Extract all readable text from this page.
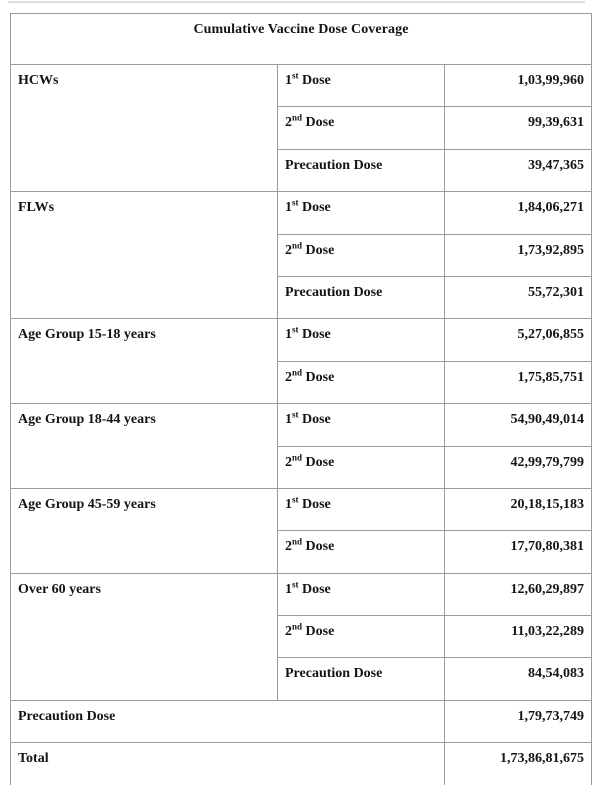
Cumulative Vaccine Dose Coverage		
HCWs	1st Dose	1,03,99,960
	2nd Dose	99,39,631
	Precaution Dose	39,47,365
FLWs	1st Dose	1,84,06,271
	2nd Dose	1,73,92,895
	Precaution Dose	55,72,301
Age Group 15-18 years	1st Dose	5,27,06,855
	2nd Dose	1,75,85,751
Age Group 18-44 years	1st Dose	54,90,49,014
	2nd Dose	42,99,79,799
Age Group 45-59 years	1st Dose	20,18,15,183
	2nd Dose	17,70,80,381
Over 60 years	1st Dose	12,60,29,897
	2nd Dose	11,03,22,289
	Precaution Dose	84,54,083
Precaution Dose		1,79,73,749
Total		1,73,86,81,675
